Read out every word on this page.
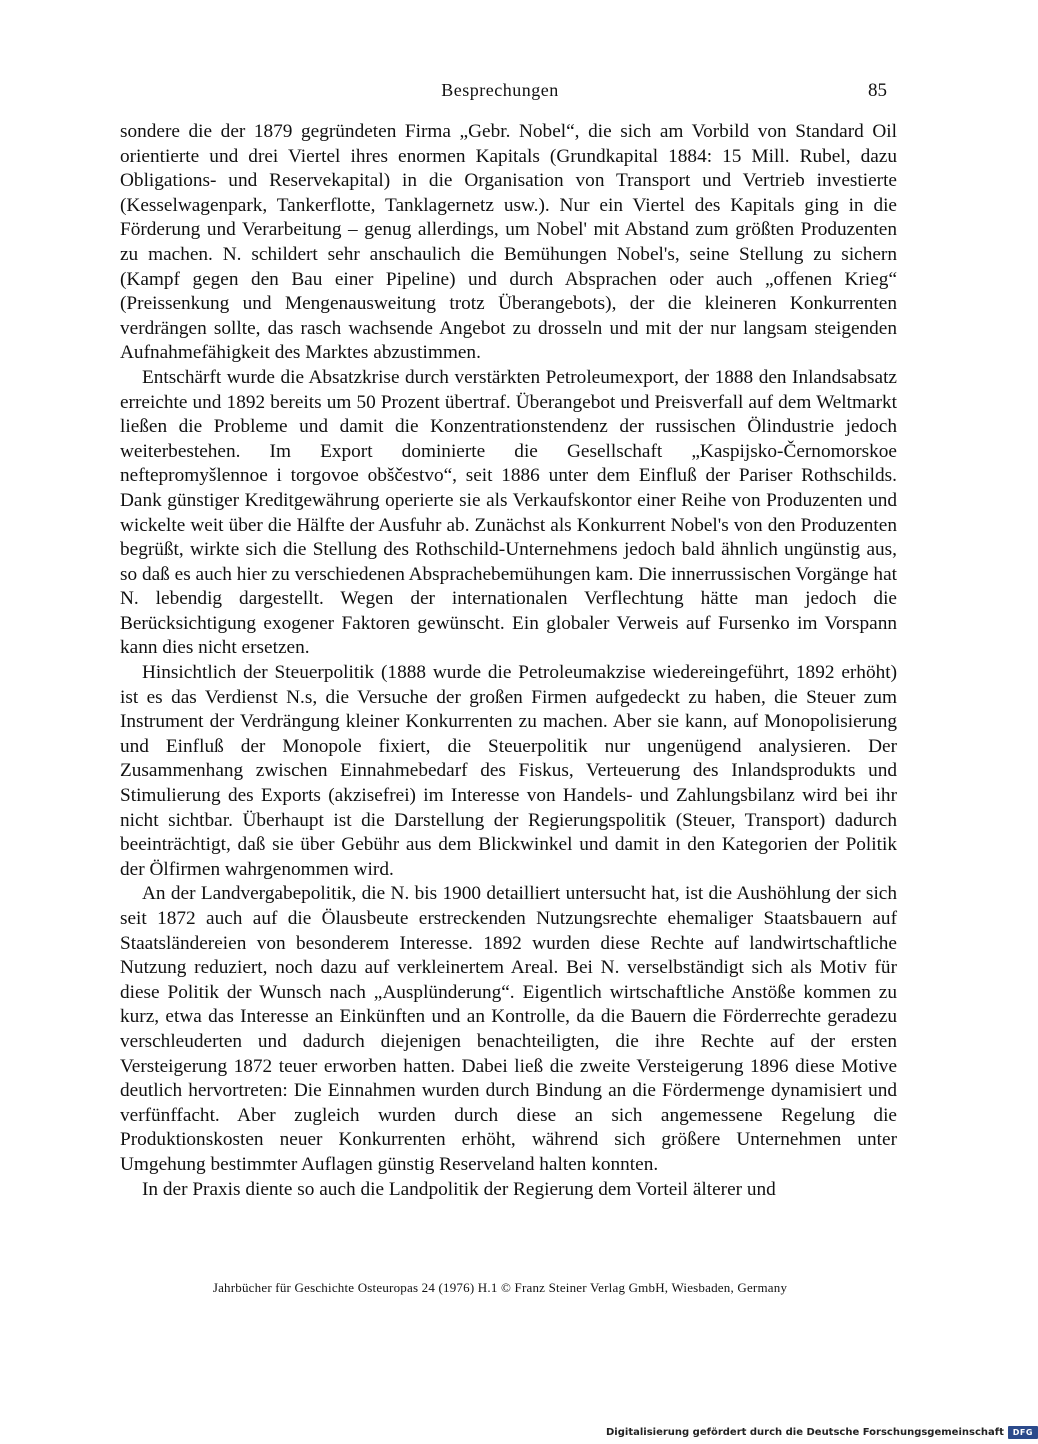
Besprechungen	85

sondere die der 1879 gegründeten Firma „Gebr. Nobel“, die sich am Vorbild von Standard Oil orientierte und drei Viertel ihres enormen Kapitals (Grundkapital 1884: 15 Mill. Rubel, dazu Obligations- und Reservekapital) in die Organisation von Transport und Vertrieb investierte (Kesselwagenpark, Tankerflotte, Tanklagernetz usw.). Nur ein Viertel des Kapitals ging in die Förderung und Verarbeitung – genug allerdings, um Nobel' mit Abstand zum größten Produzenten zu machen. N. schildert sehr anschaulich die Bemühungen Nobel's, seine Stellung zu sichern (Kampf gegen den Bau einer Pipeline) und durch Absprachen oder auch „offenen Krieg“ (Preissenkung und Mengenausweitung trotz Überangebots), der die kleineren Konkurrenten verdrängen sollte, das rasch wachsende Angebot zu drosseln und mit der nur langsam steigenden Aufnahmefähigkeit des Marktes abzustimmen.

Entschärft wurde die Absatzkrise durch verstärkten Petroleumexport, der 1888 den Inlandsabsatz erreichte und 1892 bereits um 50 Prozent übertraf. Überangebot und Preisverfall auf dem Weltmarkt ließen die Probleme und damit die Konzentrationstendenz der russischen Ölindustrie jedoch weiterbestehen. Im Export dominierte die Gesellschaft „Kaspijsko-Černomorskoe neftepromyšlennoe i torgovoe obščestvo“, seit 1886 unter dem Einfluß der Pariser Rothschilds. Dank günstiger Kreditgewährung operierte sie als Verkaufskontor einer Reihe von Produzenten und wickelte weit über die Hälfte der Ausfuhr ab. Zunächst als Konkurrent Nobel's von den Produzenten begrüßt, wirkte sich die Stellung des Rothschild-Unternehmens jedoch bald ähnlich ungünstig aus, so daß es auch hier zu verschiedenen Absprachebemühungen kam. Die innerrussischen Vorgänge hat N. lebendig dargestellt. Wegen der internationalen Verflechtung hätte man jedoch die Berücksichtigung exogener Faktoren gewünscht. Ein globaler Verweis auf Fursenko im Vorspann kann dies nicht ersetzen.

Hinsichtlich der Steuerpolitik (1888 wurde die Petroleumakzise wiedereingeführt, 1892 erhöht) ist es das Verdienst N.s, die Versuche der großen Firmen aufgedeckt zu haben, die Steuer zum Instrument der Verdrängung kleiner Konkurrenten zu machen. Aber sie kann, auf Monopolisierung und Einfluß der Monopole fixiert, die Steuerpolitik nur ungenügend analysieren. Der Zusammenhang zwischen Einnahmebedarf des Fiskus, Verteuerung des Inlandsprodukts und Stimulierung des Exports (akzisefrei) im Interesse von Handels- und Zahlungsbilanz wird bei ihr nicht sichtbar. Überhaupt ist die Darstellung der Regierungspolitik (Steuer, Transport) dadurch beeinträchtigt, daß sie über Gebühr aus dem Blickwinkel und damit in den Kategorien der Politik der Ölfirmen wahrgenommen wird.

An der Landvergabepolitik, die N. bis 1900 detailliert untersucht hat, ist die Aushöhlung der sich seit 1872 auch auf die Ölausbeute erstreckenden Nutzungsrechte ehemaliger Staatsbauern auf Staatsländereien von besonderem Interesse. 1892 wurden diese Rechte auf landwirtschaftliche Nutzung reduziert, noch dazu auf verkleinertem Areal. Bei N. verselbständigt sich als Motiv für diese Politik der Wunsch nach „Ausplünderung“. Eigentlich wirtschaftliche Anstöße kommen zu kurz, etwa das Interesse an Einkünften und an Kontrolle, da die Bauern die Förderrechte geradezu verschleuderten und dadurch diejenigen benachteiligten, die ihre Rechte auf der ersten Versteigerung 1872 teuer erworben hatten. Dabei ließ die zweite Versteigerung 1896 diese Motive deutlich hervortreten: Die Einnahmen wurden durch Bindung an die Fördermenge dynamisiert und verfünffacht. Aber zugleich wurden durch diese an sich angemessene Regelung die Produktionskosten neuer Konkurrenten erhöht, während sich größere Unternehmen unter Umgehung bestimmter Auflagen günstig Reserveland halten konnten.

In der Praxis diente so auch die Landpolitik der Regierung dem Vorteil älterer und

Jahrbücher für Geschichte Osteuropas 24 (1976) H.1 © Franz Steiner Verlag GmbH, Wiesbaden, Germany
Digitalisierung gefördert durch die Deutsche Forschungsgemeinschaft	DFG
